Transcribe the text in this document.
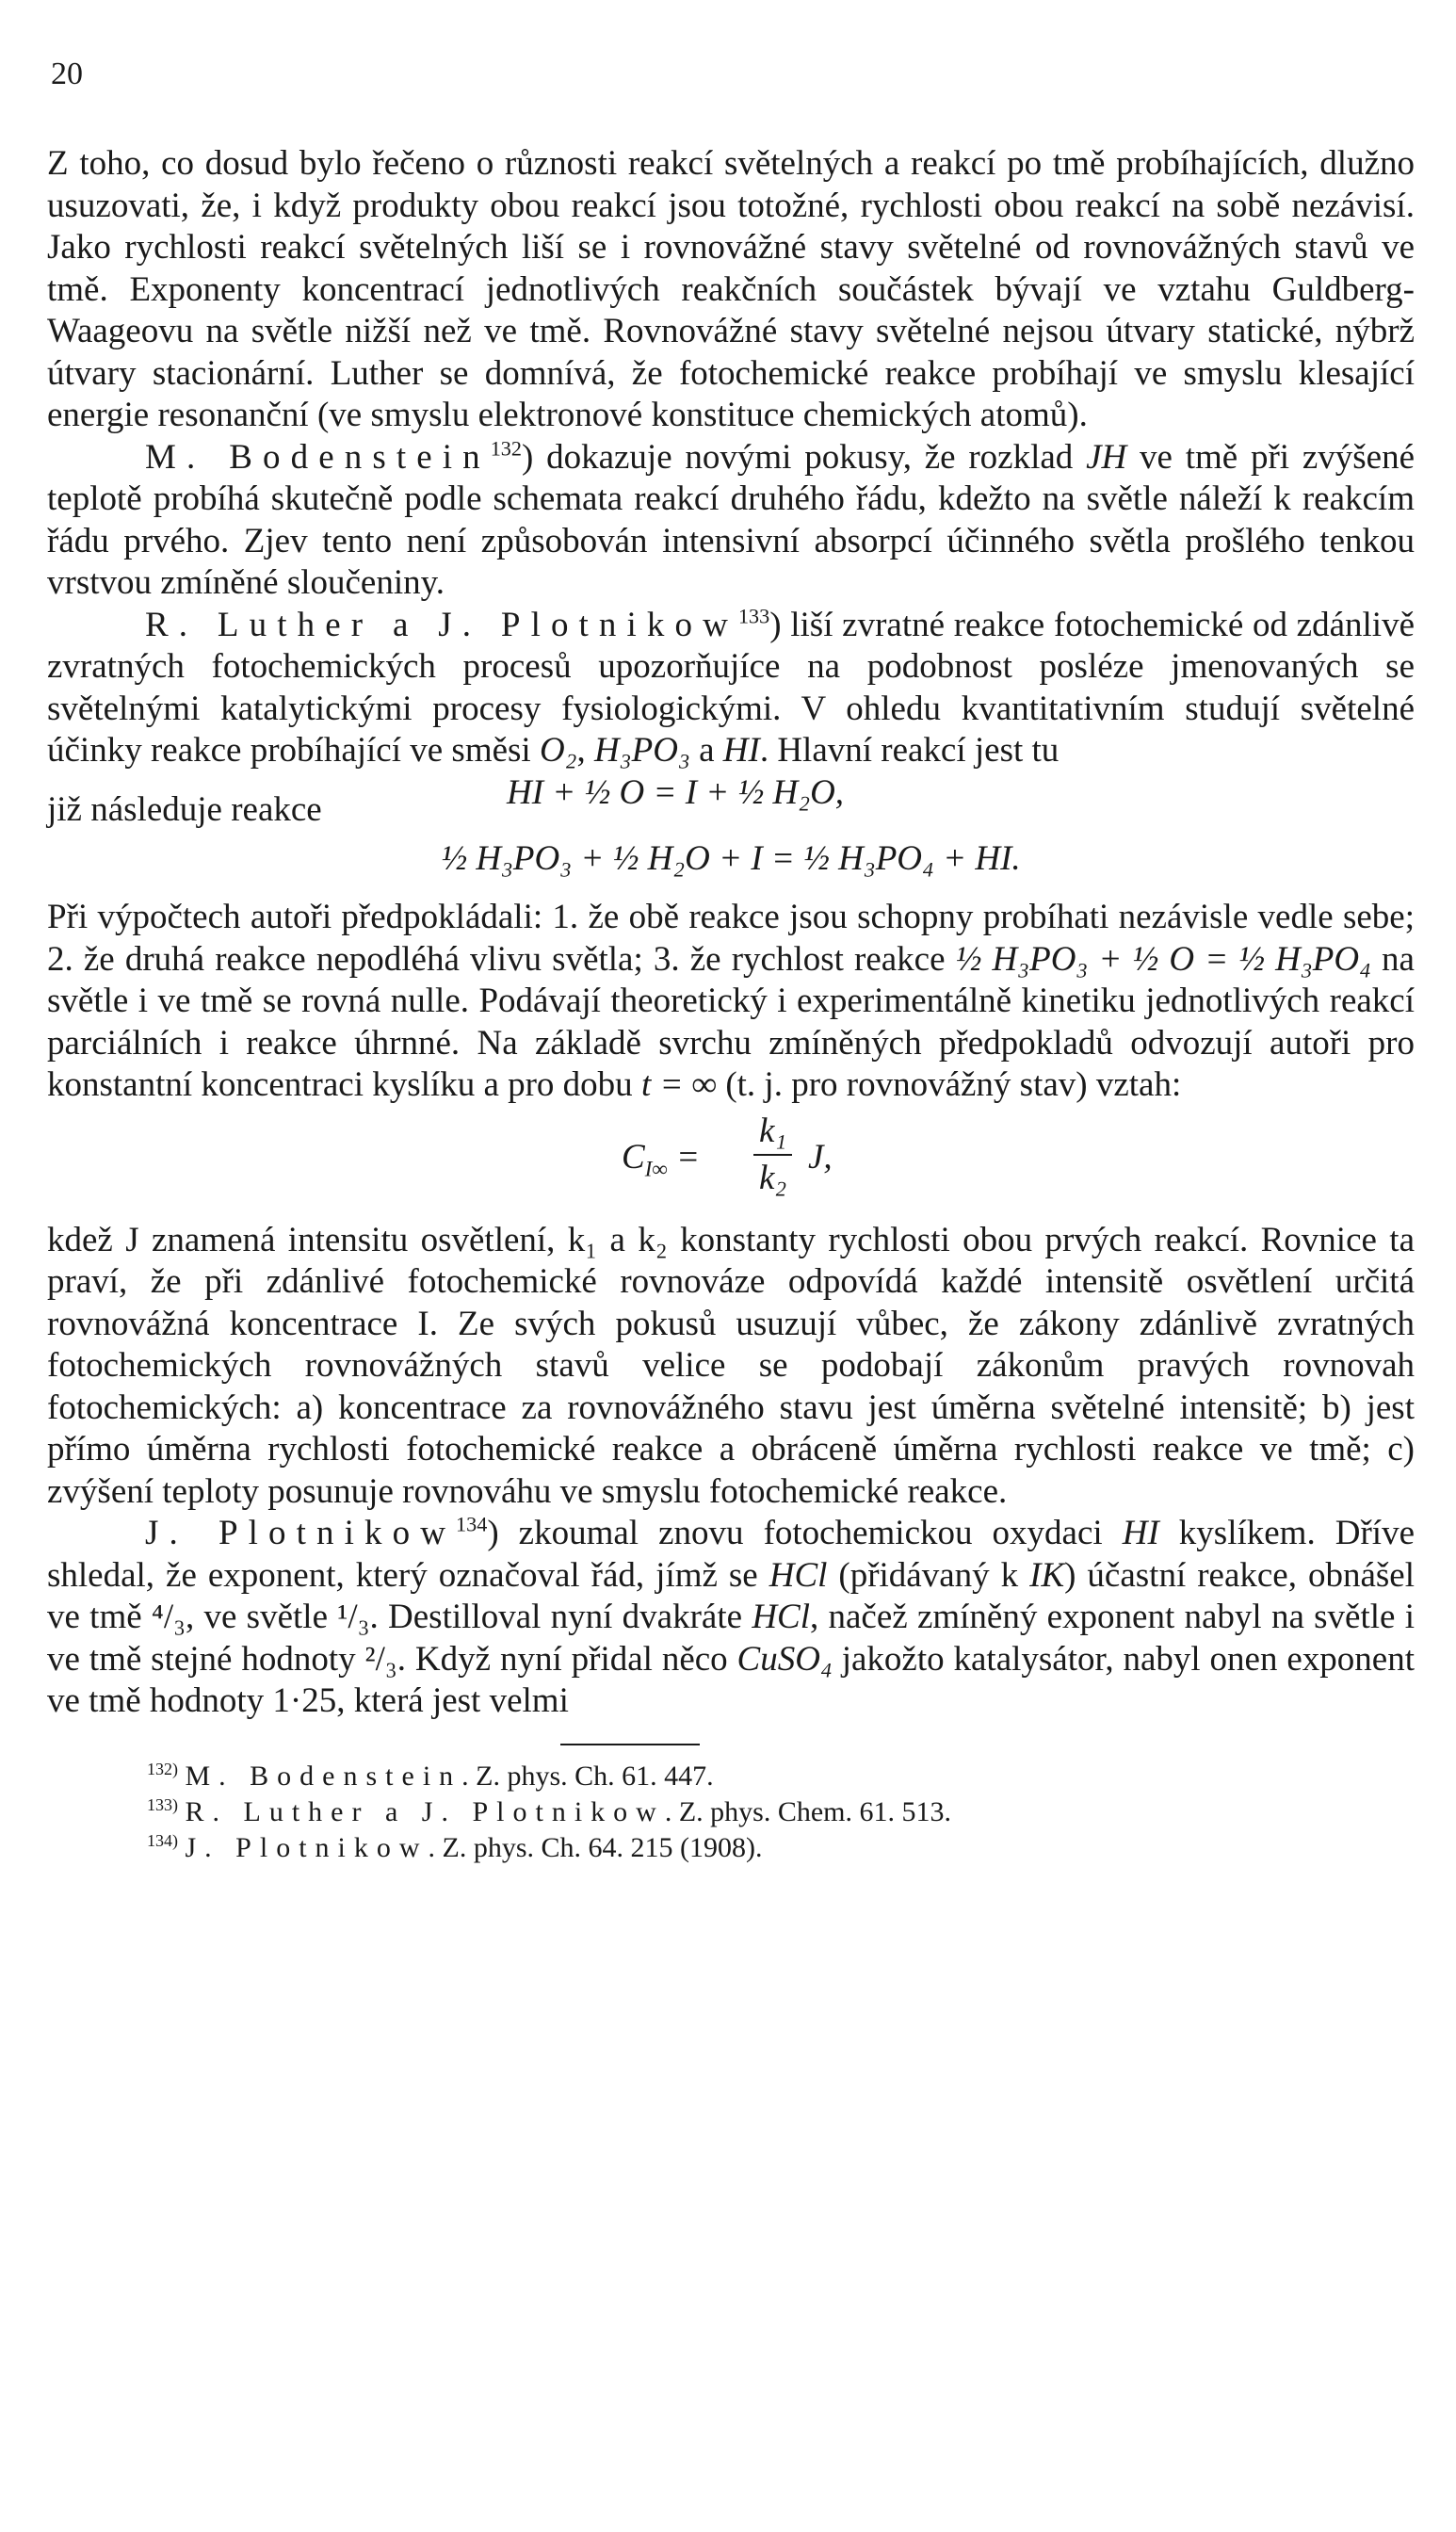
20

Z toho, co dosud bylo řečeno o různosti reakcí světelných a reakcí po tmě probíhajících, dlužno usuzovati, že, i když produkty obou reakcí jsou totožné, rychlosti obou reakcí na sobě nezávisí. Jako rychlosti reakcí světelných liší se i rovnovážné stavy světelné od rovnovážných stavů ve tmě. Exponenty koncentrací jednotlivých reakčních součástek bývají ve vztahu Guldberg-Waageovu na světle nižší než ve tmě. Rovnovážné stavy světelné nejsou útvary statické, nýbrž útvary stacionární. Luther se domnívá, že fotochemické reakce probíhají ve smyslu klesající energie resonanční (ve smyslu elektronové konstituce chemických atomů).

M. Bodenstein$^{132}$) dokazuje novými pokusy, že rozklad JH ve tmě při zvýšené teplotě probíhá skutečně podle schemata reakcí druhého řádu, kdežto na světle náleží k reakcím řádu prvého. Zjev tento není způsobován intensivní absorpcí účinného světla prošlého tenkou vrstvou zmíněné sloučeniny.

R. Luther a J. Plotnikow$^{133}$) liší zvratné reakce fotochemické od zdánlivě zvratných fotochemických procesů upozorňujíce na podobnost posléze jmenovaných se světelnými katalytickými procesy fysiologickými. V ohledu kvantitativním studují světelné účinky reakce probíhající ve směsi O₂, H₃PO₃ a HI. Hlavní reakcí jest tu

již následuje reakce	HI + ½ O = I + ½ H₂O,
½ H₃PO₃ + ½ H₂O + I = ½ H₃PO₄ + HI.

Při výpočtech autoři předpokládali: 1. že obě reakce jsou schopny probíhati nezávisle vedle sebe; 2. že druhá reakce nepodléhá vlivu světla; 3. že rychlost reakce ½ H₃PO₃ + ½ O = ½ H₃PO₄ na světle i ve tmě se rovná nulle. Podávají theoretický i experimentálně kinetiku jednotlivých reakcí parciálních i reakce úhrnné. Na základě svrchu zmíněných předpokladů odvozují autoři pro konstantní koncentraci kyslíku a pro dobu t = ∞ (t. j. pro rovnovážný stav) vztah:

$C_{I\infty} = \frac{\text{k₁}}{\text{k₂}} J$,

kdež J znamená intensitu osvětlení, k₁ a k₂ konstanty rychlosti obou prvých reakcí. Rovnice ta praví, že při zdánlivé fotochemické rovnováze odpovídá každé intensitě osvětlení určitá rovnovážná koncentrace I. Ze svých pokusů usuzují vůbec, že zákony zdánlivě zvratných fotochemických rovnovážných stavů velice se podobají zákonům pravých rovnovah fotochemických: a) koncentrace za rovnovážného stavu jest úměrna světelné intensitě; b) jest přímo úměrna rychlosti fotochemické reakce a obráceně úměrna rychlosti reakce ve tmě; c) zvýšení teploty posunuje rovnováhu ve smyslu fotochemické reakce.

J. Plotnikow$^{134}$) zkoumal znovu fotochemickou oxydaci HI kyslíkem. Dříve shledal, že exponent, který označoval řád, jímž se HCl (přidávaný k IK) účastní reakce, obnášel ve tmě ⁴/₃, ve světle ¹/₃. Destilloval nyní dvakráte HCl, načež zmíněný exponent nabyl na světle i ve tmě stejné hodnoty ²/₃. Když nyní přidal něco CuSO₄ jakožto katalysátor, nabyl onen exponent ve tmě hodnoty 1·25, která jest velmi

$^{132)}$ M. Bodenstein. Z. phys. Ch. 61. 447.
$^{133)}$ R. Luther a J. Plotnikow. Z. phys. Chem. 61. 513.
$^{134)}$ J. Plotnikow. Z. phys. Ch. 64. 215 (1908).
